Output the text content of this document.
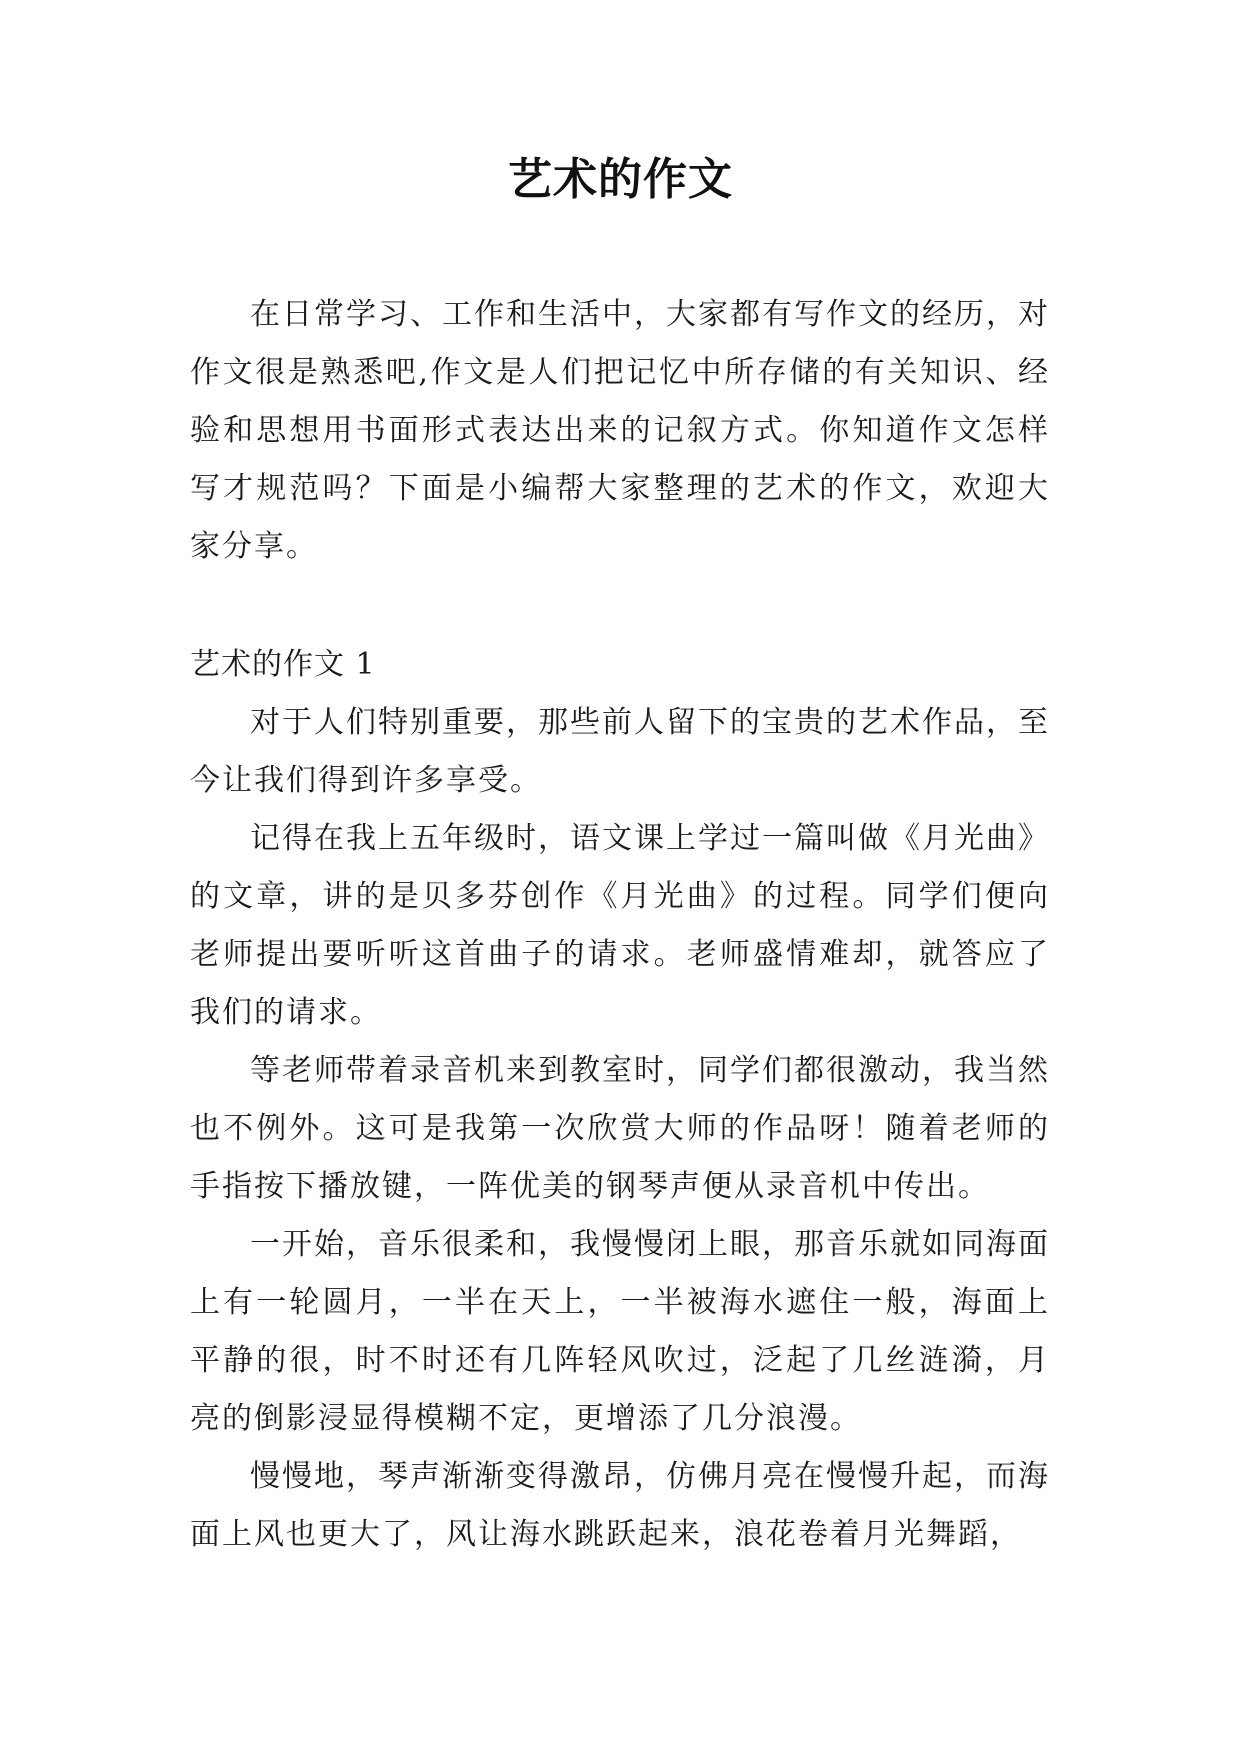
艺术的作文

在日常学习、工作和生活中，大家都有写作文的经历，对作文很是熟悉吧,作文是人们把记忆中所存储的有关知识、经验和思想用书面形式表达出来的记叙方式。你知道作文怎样写才规范吗？下面是小编帮大家整理的艺术的作文，欢迎大家分享。

艺术的作文 1

对于人们特别重要，那些前人留下的宝贵的艺术作品，至今让我们得到许多享受。

记得在我上五年级时，语文课上学过一篇叫做《月光曲》的文章，讲的是贝多芬创作《月光曲》的过程。同学们便向老师提出要听听这首曲子的请求。老师盛情难却，就答应了我们的请求。

等老师带着录音机来到教室时，同学们都很激动，我当然也不例外。这可是我第一次欣赏大师的作品呀！随着老师的手指按下播放键，一阵优美的钢琴声便从录音机中传出。

一开始，音乐很柔和，我慢慢闭上眼，那音乐就如同海面上有一轮圆月，一半在天上，一半被海水遮住一般，海面上平静的很，时不时还有几阵轻风吹过，泛起了几丝涟漪，月亮的倒影浸显得模糊不定，更增添了几分浪漫。

慢慢地，琴声渐渐变得激昂，仿佛月亮在慢慢升起，而海面上风也更大了，风让海水跳跃起来，浪花卷着月光舞蹈，
